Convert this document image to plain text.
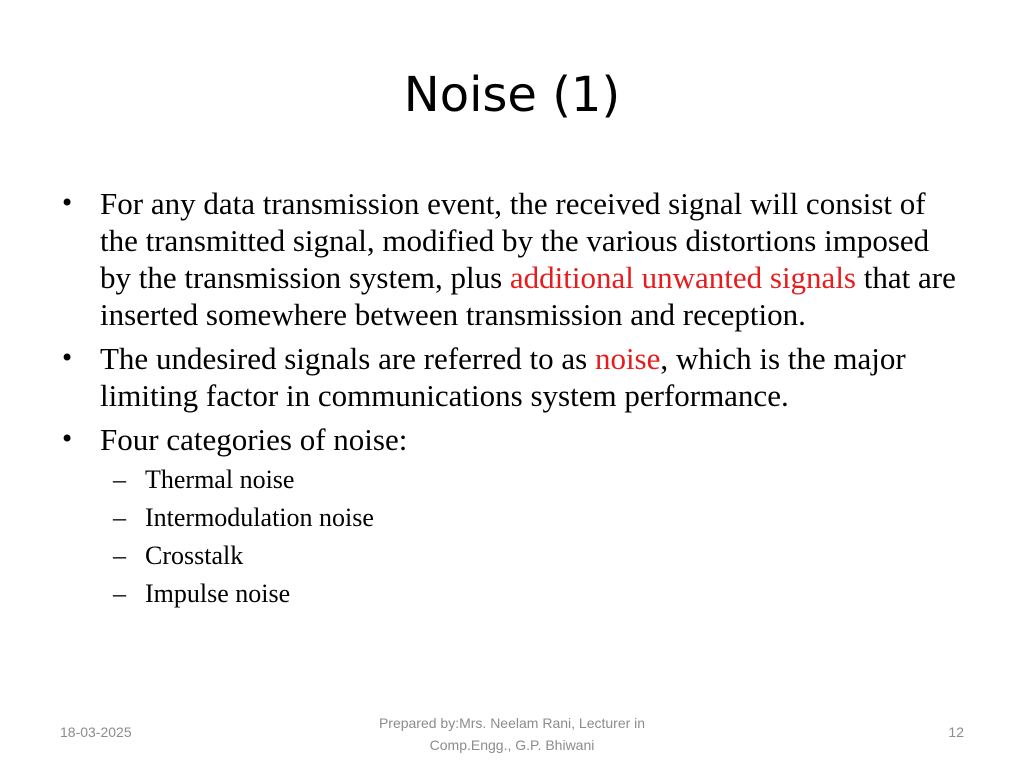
Noise (1)
• For any data transmission event, the received signal will consist of the transmitted signal, modified by the various distortions imposed by the transmission system, plus additional unwanted signals that are inserted somewhere between transmission and reception.
• The undesired signals are referred to as noise, which is the major limiting factor in communications system performance.
• Four categories of noise:
– Thermal noise
– Intermodulation noise
– Crosstalk
– Impulse noise
18-03-2025
Prepared by:Mrs. Neelam Rani, Lecturer in
Comp.Engg., G.P. Bhiwani
12
